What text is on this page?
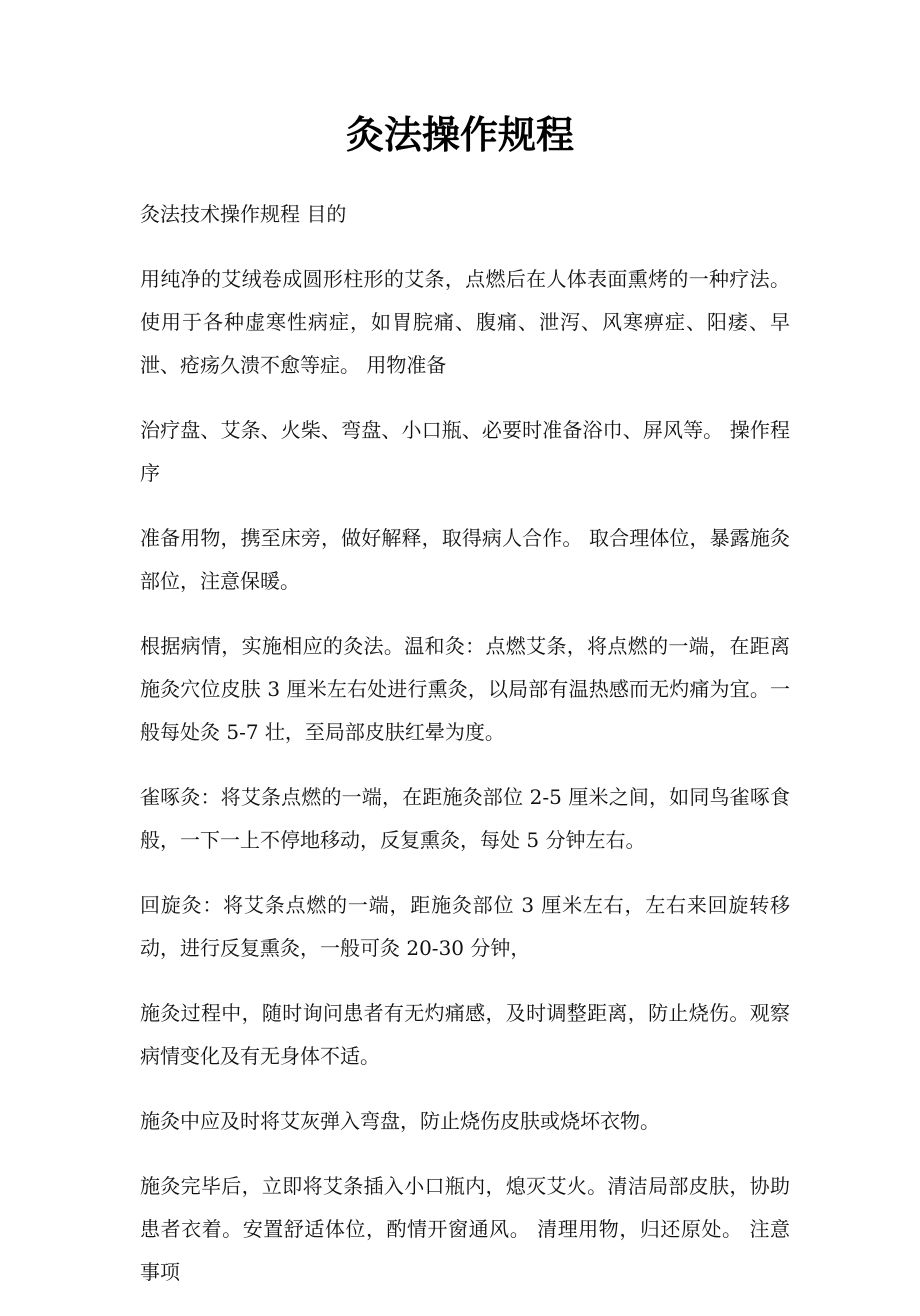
灸法操作规程

灸法技术操作规程 目的

用纯净的艾绒卷成圆形柱形的艾条，点燃后在人体表面熏烤的一种疗法。使用于各种虚寒性病症，如胃脘痛、腹痛、泄泻、风寒痹症、阳痿、早泄、疮疡久溃不愈等症。 用物准备

治疗盘、艾条、火柴、弯盘、小口瓶、必要时准备浴巾、屏风等。 操作程序

准备用物，携至床旁，做好解释，取得病人合作。 取合理体位，暴露施灸部位，注意保暖。

根据病情，实施相应的灸法。温和灸：点燃艾条，将点燃的一端，在距离施灸穴位皮肤 3 厘米左右处进行熏灸，以局部有温热感而无灼痛为宜。一般每处灸 5-7 壮，至局部皮肤红晕为度。

雀啄灸：将艾条点燃的一端，在距施灸部位 2-5 厘米之间，如同鸟雀啄食般，一下一上不停地移动，反复熏灸，每处 5 分钟左右。

回旋灸：将艾条点燃的一端，距施灸部位 3 厘米左右，左右来回旋转移动，进行反复熏灸，一般可灸 20-30 分钟，

施灸过程中，随时询问患者有无灼痛感，及时调整距离，防止烧伤。观察病情变化及有无身体不适。

施灸中应及时将艾灰弹入弯盘，防止烧伤皮肤或烧坏衣物。

施灸完毕后，立即将艾条插入小口瓶内，熄灭艾火。清洁局部皮肤，协助患者衣着。安置舒适体位，酌情开窗通风。 清理用物，归还原处。 注意事项
